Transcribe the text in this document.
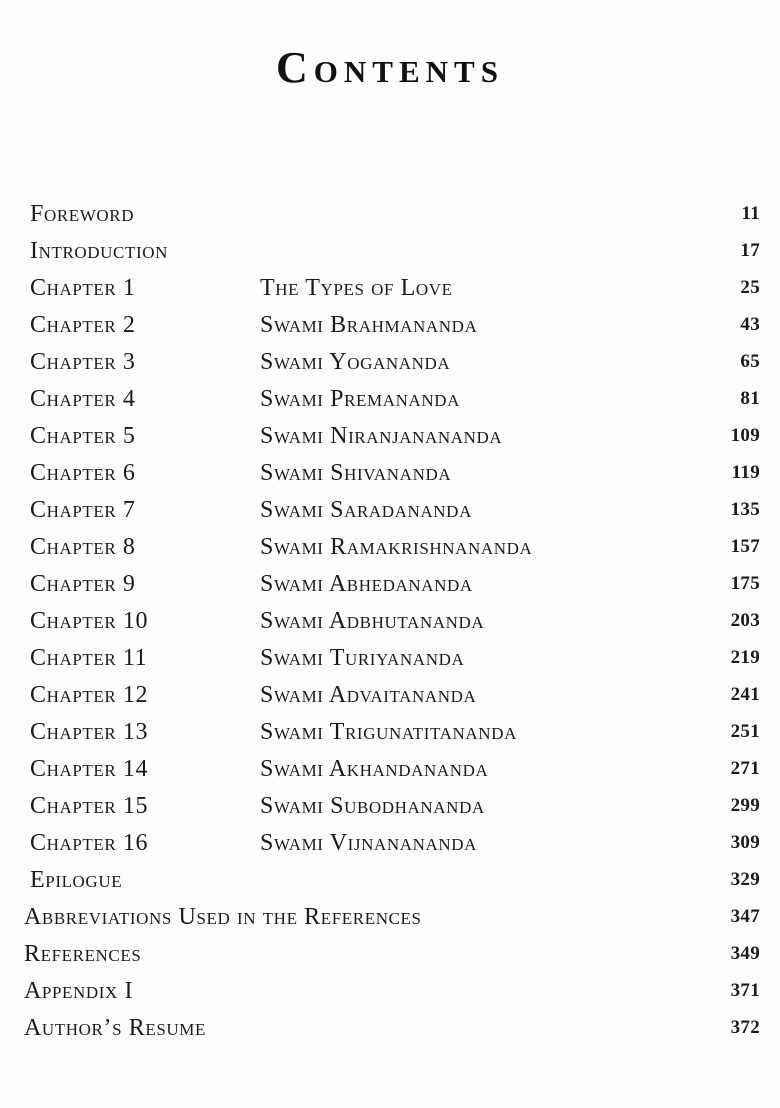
Contents
Foreword	11
Introduction	17
Chapter 1	The Types of Love	25
Chapter 2	Swami Brahmananda	43
Chapter 3	Swami Yogananda	65
Chapter 4	Swami Premananda	81
Chapter 5	Swami Niranjanananda	109
Chapter 6	Swami Shivananda	119
Chapter 7	Swami Saradananda	135
Chapter 8	Swami Ramakrishnananda	157
Chapter 9	Swami Abhedananda	175
Chapter 10	Swami Adbhutananda	203
Chapter 11	Swami Turiyananda	219
Chapter 12	Swami Advaitananda	241
Chapter 13	Swami Trigunatitananda	251
Chapter 14	Swami Akhandananda	271
Chapter 15	Swami Subodhananda	299
Chapter 16	Swami Vijnanananda	309
Epilogue	329
Abbreviations Used in the References	347
References	349
Appendix I	371
Author’s Resume	372
